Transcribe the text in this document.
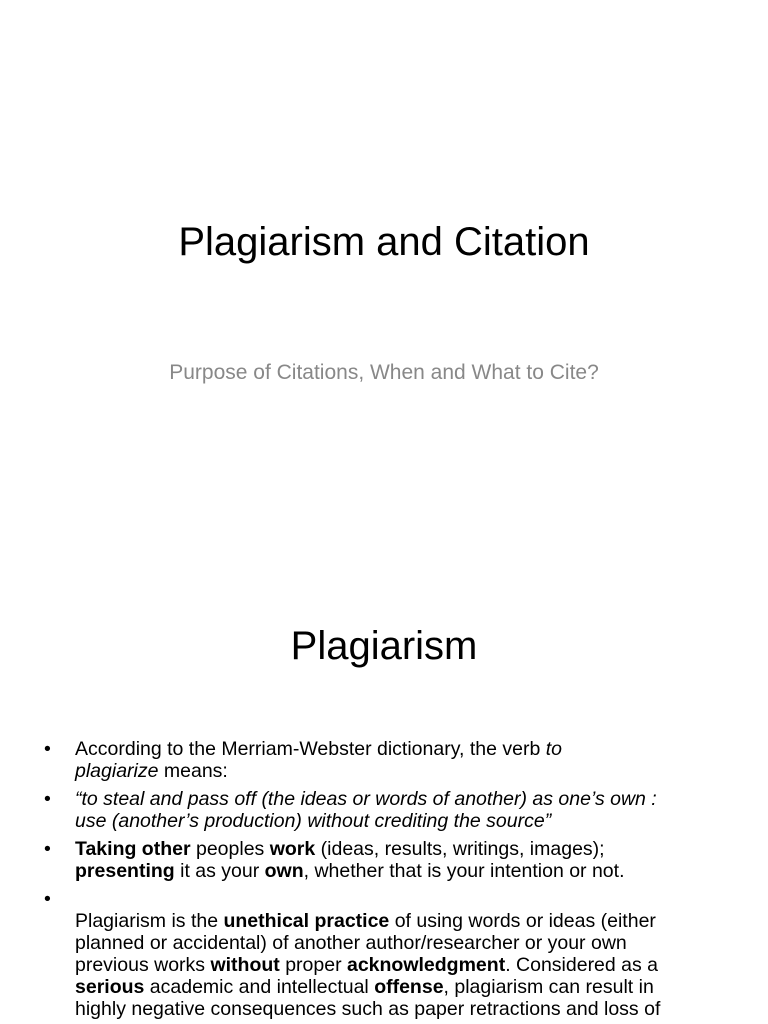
Plagiarism and Citation
Purpose of Citations, When and What to Cite?
Plagiarism
• According to the Merriam-Webster dictionary, the verb to
plagiarize means:
• “to steal and pass off (the ideas or words of another) as one’s own :
use (another’s production) without crediting the source”
• Taking other peoples work (ideas, results, writings, images);
presenting it as your own, whether that is your intention or not.
•
Plagiarism is the unethical practice of using words or ideas (either
planned or accidental) of another author/researcher or your own
previous works without proper acknowledgment. Considered as a
serious academic and intellectual offense, plagiarism can result in
highly negative consequences such as paper retractions and loss of
